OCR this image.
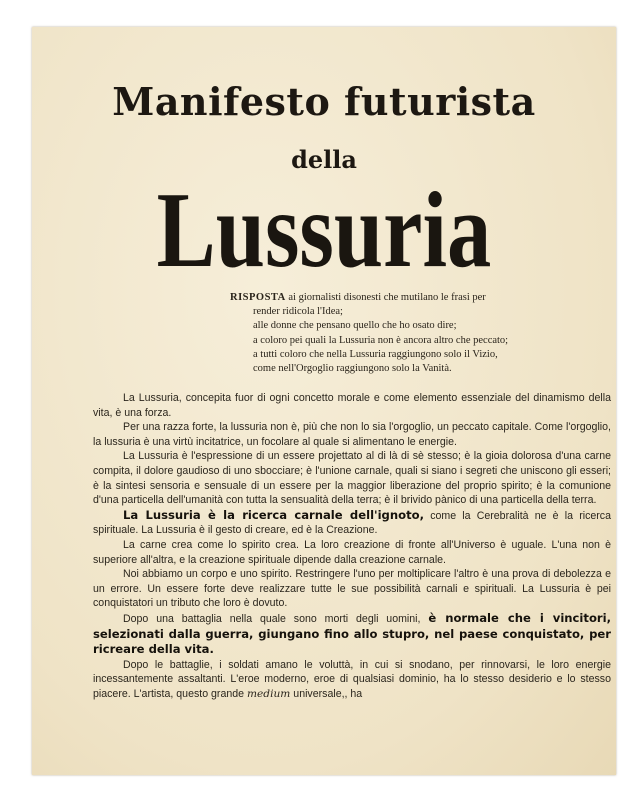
Manifesto futurista
della
Lussuria
RISPOSTA ai giornalisti disonesti che mutilano le frasi per
render ridicola l'Idea;
alle donne che pensano quello che ho osato dire;
a coloro pei quali la Lussuria non è ancora altro che peccato;
a tutti coloro che nella Lussuria raggiungono solo il Vizio,
come nell'Orgoglio raggiungono solo la Vanità.

La Lussuria, concepita fuor di ogni concetto morale e come elemento essenziale del dinamismo della vita, è una forza.

Per una razza forte, la lussuria non è, più che non lo sia l'orgoglio, un peccato capitale. Come l'orgoglio, la lussuria è una virtù incitatrice, un focolare al quale si alimentano le energie.

La Lussuria è l'espressione di un essere projettato al di là di sè stesso; è la gioia dolorosa d'una carne compita, il dolore gaudioso di uno sbocciare; è l'unione carnale, quali si siano i segreti che uniscono gli esseri; è la sintesi sensoria e sensuale di un essere per la maggior liberazione del proprio spirito; è la comunione d'una particella dell'umanità con tutta la sensualità della terra; è il brivido pànico di una particella della terra.

La Lussuria è la ricerca carnale dell'ignoto, come la Cerebralità ne è la ricerca spirituale. La Lussuria è il gesto di creare, ed è la Creazione.

La carne crea come lo spirito crea. La loro creazione di fronte all'Universo è uguale. L'una non è superiore all'altra, e la creazione spirituale dipende dalla creazione carnale.

Noi abbiamo un corpo e uno spirito. Restringere l'uno per moltiplicare l'altro è una prova di debolezza e un errore. Un essere forte deve realizzare tutte le sue possibilità carnali e spirituali. La Lussuria è pei conquistatori un tributo che loro è dovuto.

Dopo una battaglia nella quale sono morti degli uomini, è normale che i vincitori, selezionati dalla guerra, giungano fino allo stupro, nel paese conquistato, per ricreare della vita.

Dopo le battaglie, i soldati amano le voluttà, in cui si snodano, per rinnovarsi, le loro energie incessantemente assaltanti. L'eroe moderno, eroe di qualsiasi dominio, ha lo stesso desiderio e lo stesso piacere. L'artista, questo grande medium universale,, ha
